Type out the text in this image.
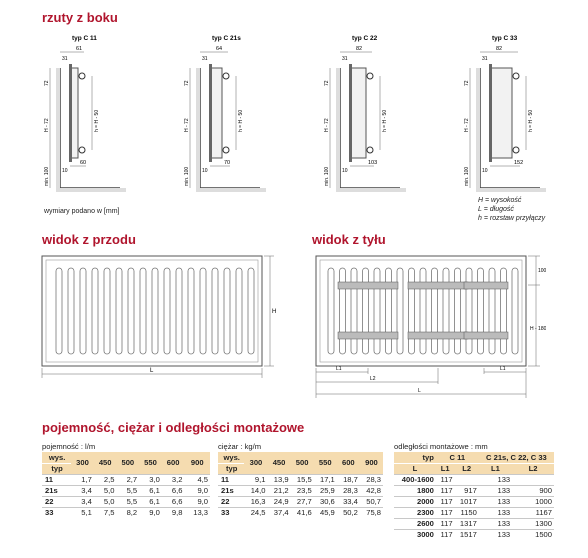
rzuty z boku
widok z przodu	widok z tyłu
pojemność, ciężar i odległości montażowe
typ C 11
61
31
60
10
72
H - 72
min. 100
h = H - 50
typ C 21s
64
31
70
10
72
H - 72
min. 100
h = H - 50
typ C 22
82
31
103
10
72
H - 72
min. 100
h = H - 50
typ C 33
82
31
152
10
72
H - 72
min. 100
h = H - 50
wymiary podano w [mm]
H = wysokość
L = długość
h = rozstaw przyłączy
H
L
100
H - 180
L1	L1
L2
L
pojemność : l/m
wys.	300	450	500	550	600	900
typ						
11	1,7	2,5	2,7	3,0	3,2	4,5
21s	3,4	5,0	5,5	6,1	6,6	9,0
22	3,4	5,0	5,5	6,1	6,6	9,0
33	5,1	7,5	8,2	9,0	9,8	13,3
ciężar : kg/m
wys.	300	450	500	550	600	900
typ						
11	9,1	13,9	15,5	17,1	18,7	28,3
21s	14,0	21,2	23,5	25,9	28,3	42,8
22	16,3	24,9	27,7	30,6	33,4	50,7
33	24,5	37,4	41,6	45,9	50,2	75,8
odległości montażowe : mm
typ	C 11		C 21s, C 22, C 33	
L	L1	L2	L1	L2
400-1600	117		133	
1800	117	917	133	900
2000	117	1017	133	1000
2300	117	1150	133	1167
2600	117	1317	133	1300
3000	117	1517	133	1500
